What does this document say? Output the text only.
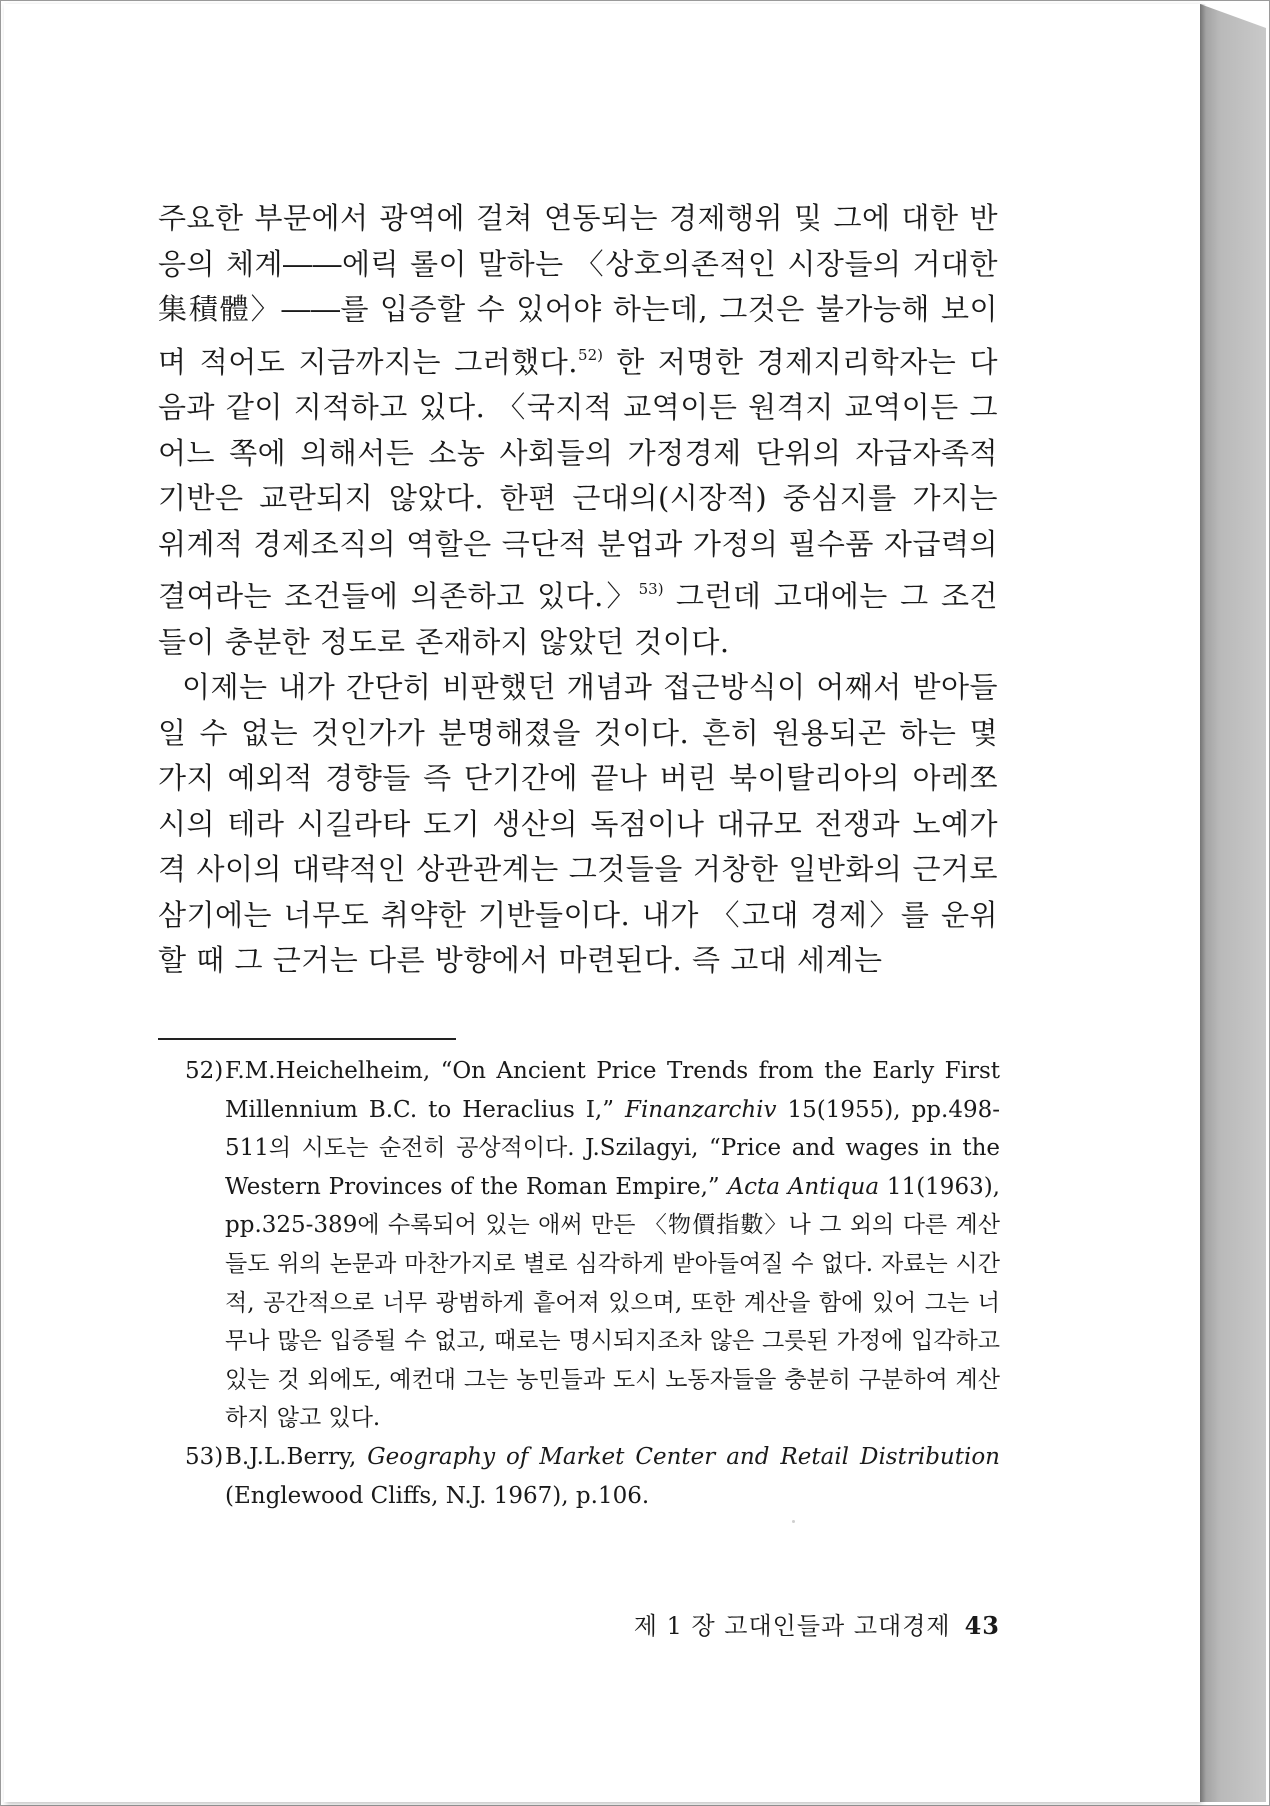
주요한 부문에서 광역에 걸쳐 연동되는 경제행위 및 그에 대한 반응의 체계――에릭 롤이 말하는 〈상호의존적인 시장들의 거대한 集積體〉――를 입증할 수 있어야 하는데, 그것은 불가능해 보이며 적어도 지금까지는 그러했다.$^{52)}$ 한 저명한 경제지리학자는 다음과 같이 지적하고 있다. 〈국지적 교역이든 원격지 교역이든 그 어느 쪽에 의해서든 소농 사회들의 가정경제 단위의 자급자족적 기반은 교란되지 않았다. 한편 근대의(시장적) 중심지를 가지는 위계적 경제조직의 역할은 극단적 분업과 가정의 필수품 자급력의 결여라는 조건들에 의존하고 있다.〉$^{53)}$ 그런데 고대에는 그 조건들이 충분한 정도로 존재하지 않았던 것이다.

이제는 내가 간단히 비판했던 개념과 접근방식이 어째서 받아들일 수 없는 것인가가 분명해졌을 것이다. 흔히 원용되곤 하는 몇 가지 예외적 경향들 즉 단기간에 끝나 버린 북이탈리아의 아레쪼 시의 테라 시길라타 도기 생산의 독점이나 대규모 전쟁과 노예가격 사이의 대략적인 상관관계는 그것들을 거창한 일반화의 근거로 삼기에는 너무도 취약한 기반들이다. 내가 〈고대 경제〉를 운위할 때 그 근거는 다른 방향에서 마련된다. 즉 고대 세계는

52) F.M.Heichelheim, “On Ancient Price Trends from the Early First Millennium B.C. to Heraclius I,” Finanzarchiv 15(1955), pp.498-511의 시도는 순전히 공상적이다. J.Szilagyi, “Price and wages in the Western Provinces of the Roman Empire,” Acta Antiqua 11(1963), pp.325-389에 수록되어 있는 애써 만든 〈物價指數〉나 그 외의 다른 계산들도 위의 논문과 마찬가지로 별로 심각하게 받아들여질 수 없다. 자료는 시간적, 공간적으로 너무 광범하게 흩어져 있으며, 또한 계산을 함에 있어 그는 너무나 많은 입증될 수 없고, 때로는 명시되지조차 않은 그릇된 가정에 입각하고 있는 것 외에도, 예컨대 그는 농민들과 도시 노동자들을 충분히 구분하여 계산하지 않고 있다.

53) B.J.L.Berry, Geography of Market Center and Retail Distribution (Englewood Cliffs, N.J. 1967), p.106.

제 1 장 고대인들과 고대경제 43
